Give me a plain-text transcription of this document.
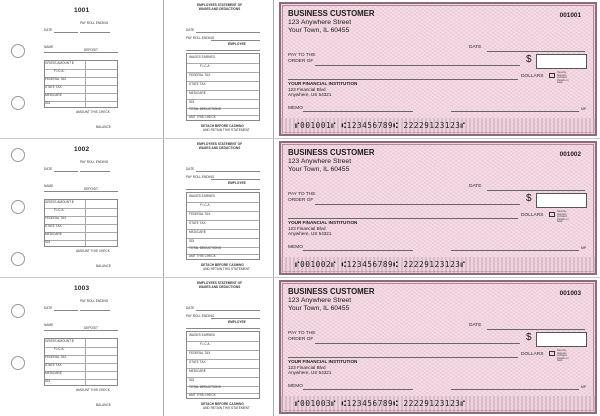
1001
DATE
PAY ROLL ENDING
NAME
DEPOSIT
GROSS AMOUNT $
F.I.C.A.
FEDERAL TAX
STATE TAX
MEDICARE
SDI
AMOUNT THIS CHECK
BALANCE
EMPLOYEES STATEMENT OF
WAGES AND DEDUCTIONS
DATE
PAY ROLL ENDING
EMPLOYEE
WAGES EARNED
F.I.C.A.
FEDERAL TAX
STATE TAX
MEDICARE
SDI
TOTAL DEDUCTIONS
AMT THIS CHECK
DETACH BEFORE CASHING
AND RETAIN THIS STATEMENT
BUSINESS CUSTOMER
123 Anywhere Street
Your Town, IL 60455
001001
DATE
PAY TO THE
ORDER OF	$
DOLLARS
Security features included. Details on back.
YOUR FINANCIAL INSTITUTION
123 Financial Blvd
Anywhere, US 54321
MEMO	MP
⑈001001⑈ ⑆123456789⑆ 22229123123⑈
1002
DATE
PAY ROLL ENDING
NAME
DEPOSIT
GROSS AMOUNT $
F.I.C.A.
FEDERAL TAX
STATE TAX
MEDICARE
SDI
AMOUNT THIS CHECK
BALANCE
EMPLOYEES STATEMENT OF
WAGES AND DEDUCTIONS
DATE
PAY ROLL ENDING
EMPLOYEE
WAGES EARNED
F.I.C.A.
FEDERAL TAX
STATE TAX
MEDICARE
SDI
TOTAL DEDUCTIONS
AMT THIS CHECK
DETACH BEFORE CASHING
AND RETAIN THIS STATEMENT
BUSINESS CUSTOMER
123 Anywhere Street
Your Town, IL 60455
001002
DATE
PAY TO THE
ORDER OF	$
DOLLARS
Security features included. Details on back.
YOUR FINANCIAL INSTITUTION
123 Financial Blvd
Anywhere, US 54321
MEMO	MP
⑈001002⑈ ⑆123456789⑆ 22229123123⑈
1003
DATE
PAY ROLL ENDING
NAME
DEPOSIT
GROSS AMOUNT $
F.I.C.A.
FEDERAL TAX
STATE TAX
MEDICARE
SDI
AMOUNT THIS CHECK
BALANCE
EMPLOYEES STATEMENT OF
WAGES AND DEDUCTIONS
DATE
PAY ROLL ENDING
EMPLOYEE
WAGES EARNED
F.I.C.A.
FEDERAL TAX
STATE TAX
MEDICARE
SDI
TOTAL DEDUCTIONS
AMT THIS CHECK
DETACH BEFORE CASHING
AND RETAIN THIS STATEMENT
BUSINESS CUSTOMER
123 Anywhere Street
Your Town, IL 60455
001003
DATE
PAY TO THE
ORDER OF	$
DOLLARS
Security features included. Details on back.
YOUR FINANCIAL INSTITUTION
123 Financial Blvd
Anywhere, US 54321
MEMO	MP
⑈001003⑈ ⑆123456789⑆ 22229123123⑈
